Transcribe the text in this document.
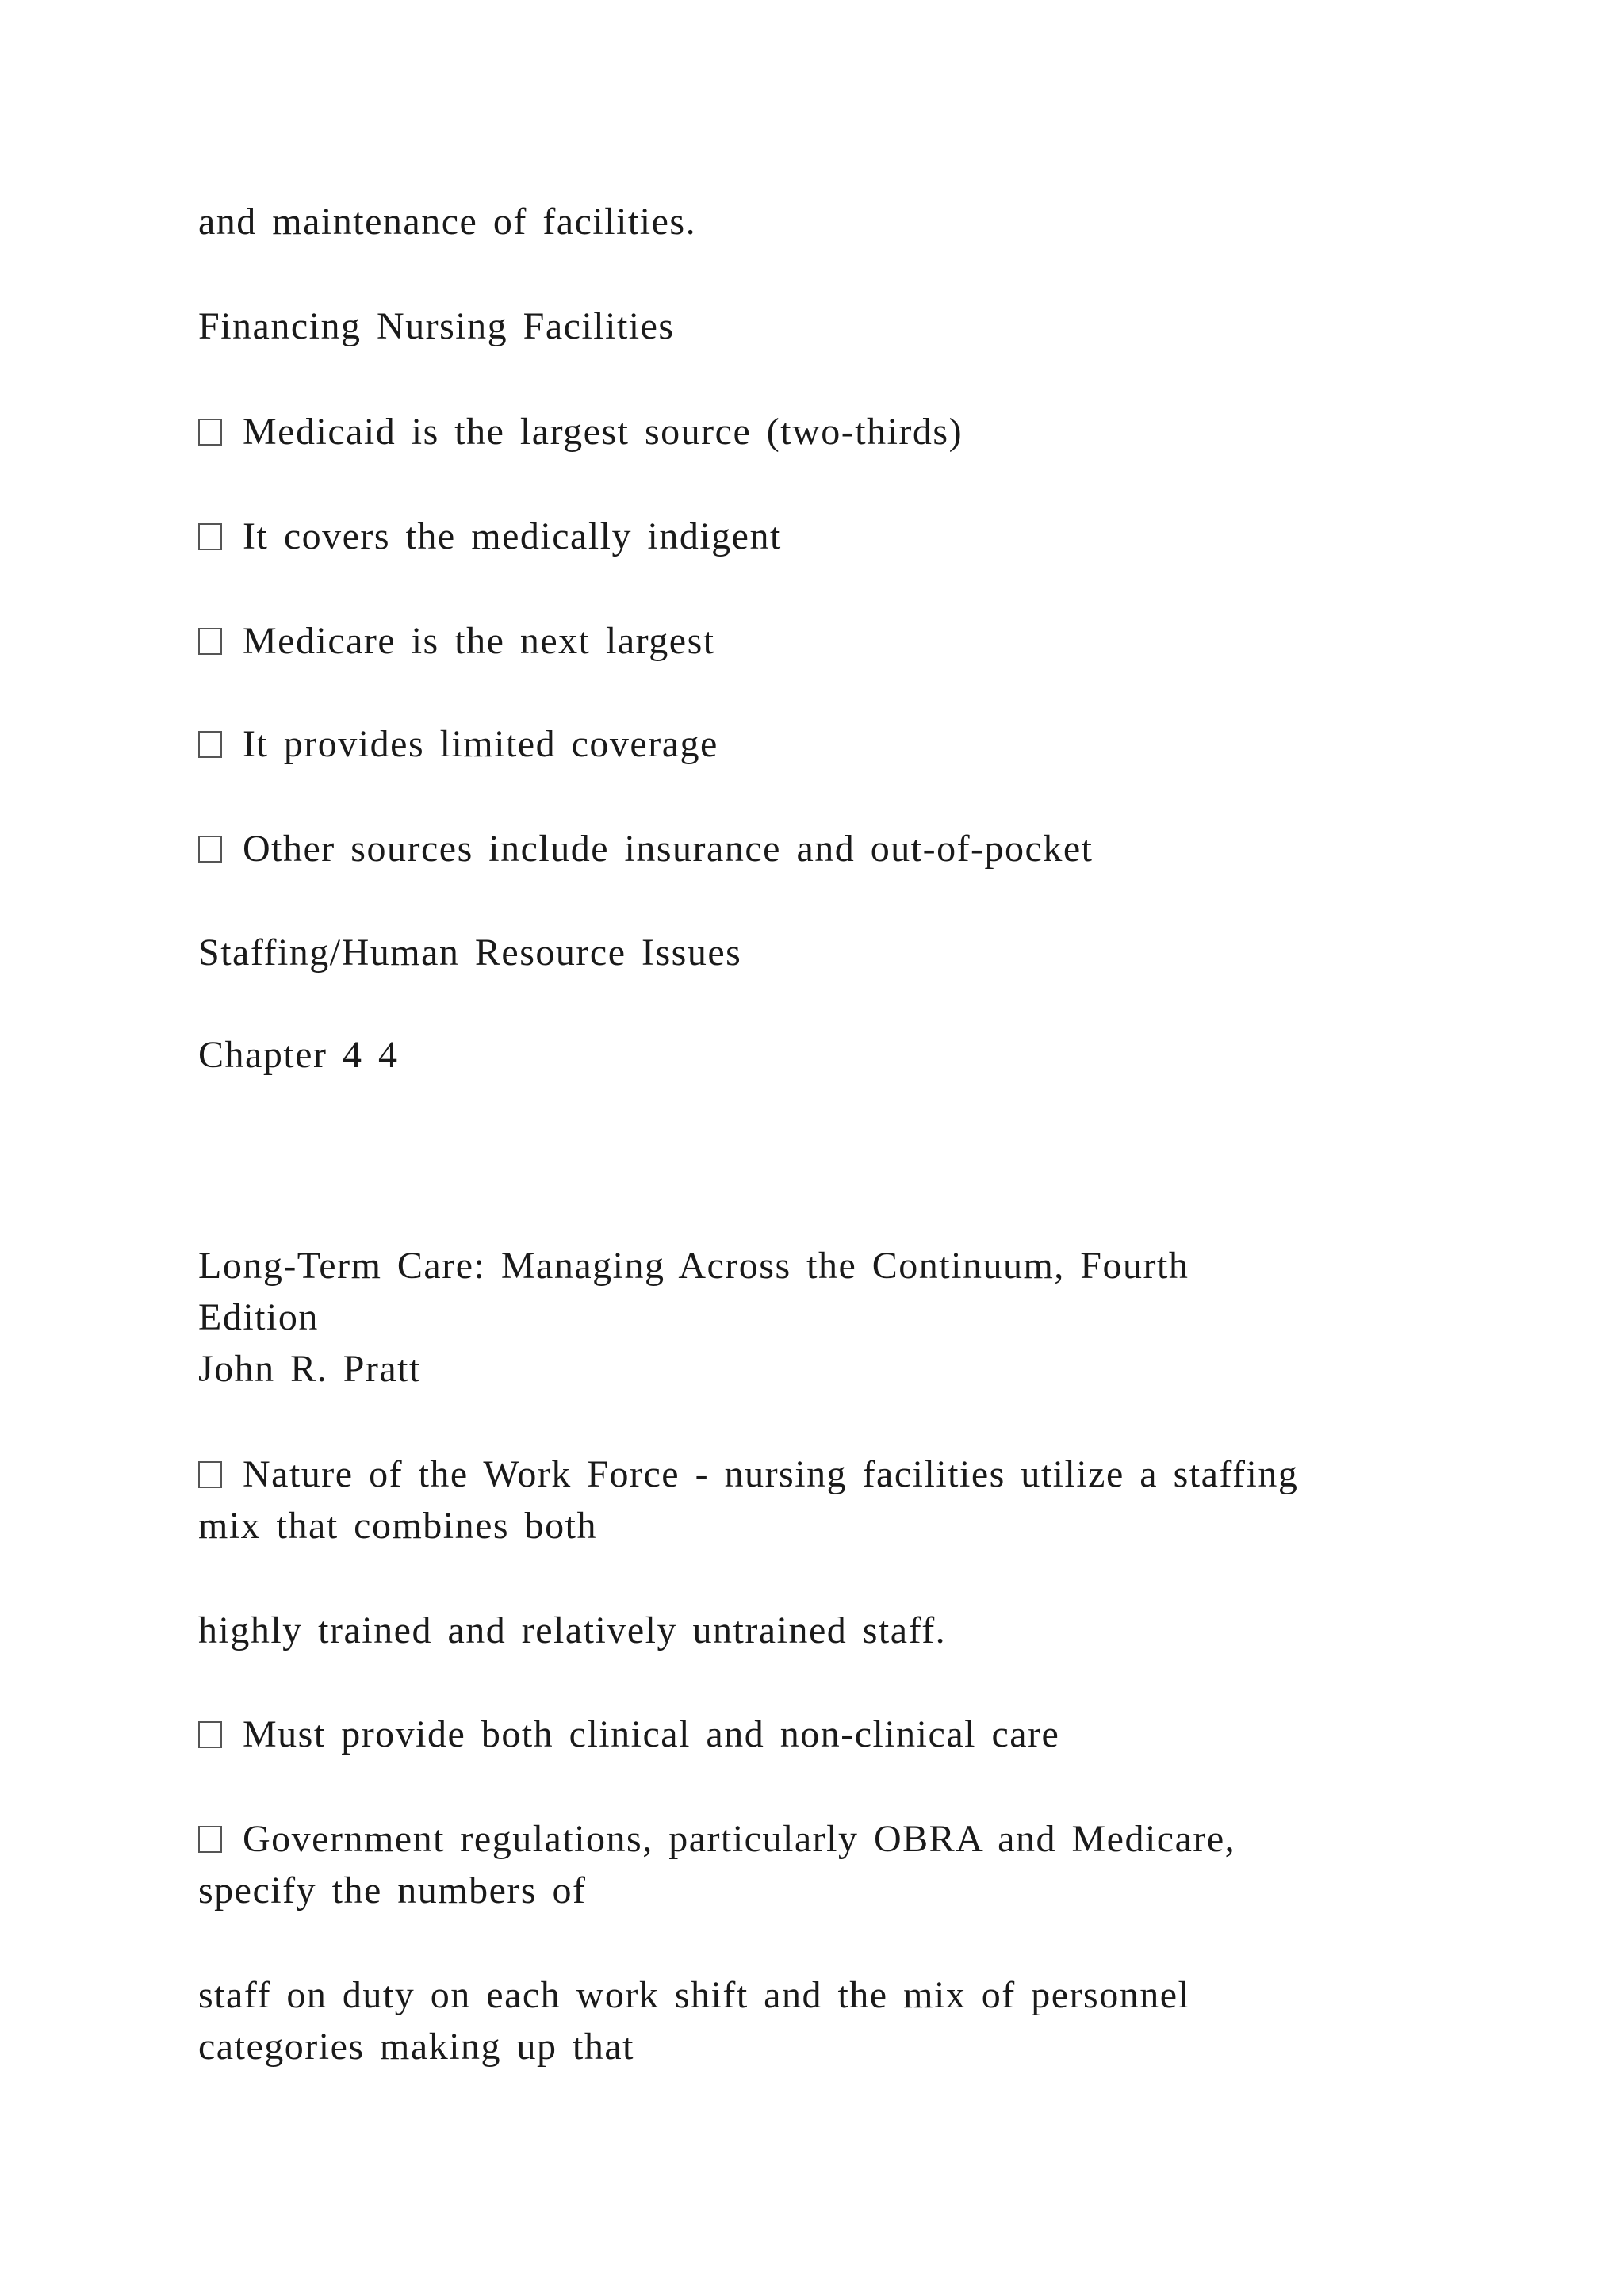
and maintenance of facilities.

Financing Nursing Facilities

Medicaid is the largest source (two-thirds)

It covers the medically indigent

Medicare is the next largest

It provides limited coverage

Other sources include insurance and out-of-pocket

Staffing/Human Resource Issues

Chapter 4 4

Long-Term Care: Managing Across the Continuum, Fourth

Edition

John R. Pratt

Nature of the Work Force - nursing facilities utilize a staffing

mix that combines both

highly trained and relatively untrained staff.

Must provide both clinical and non-clinical care

Government regulations, particularly OBRA and Medicare,

specify the numbers of

staff on duty on each work shift and the mix of personnel

categories making up that
